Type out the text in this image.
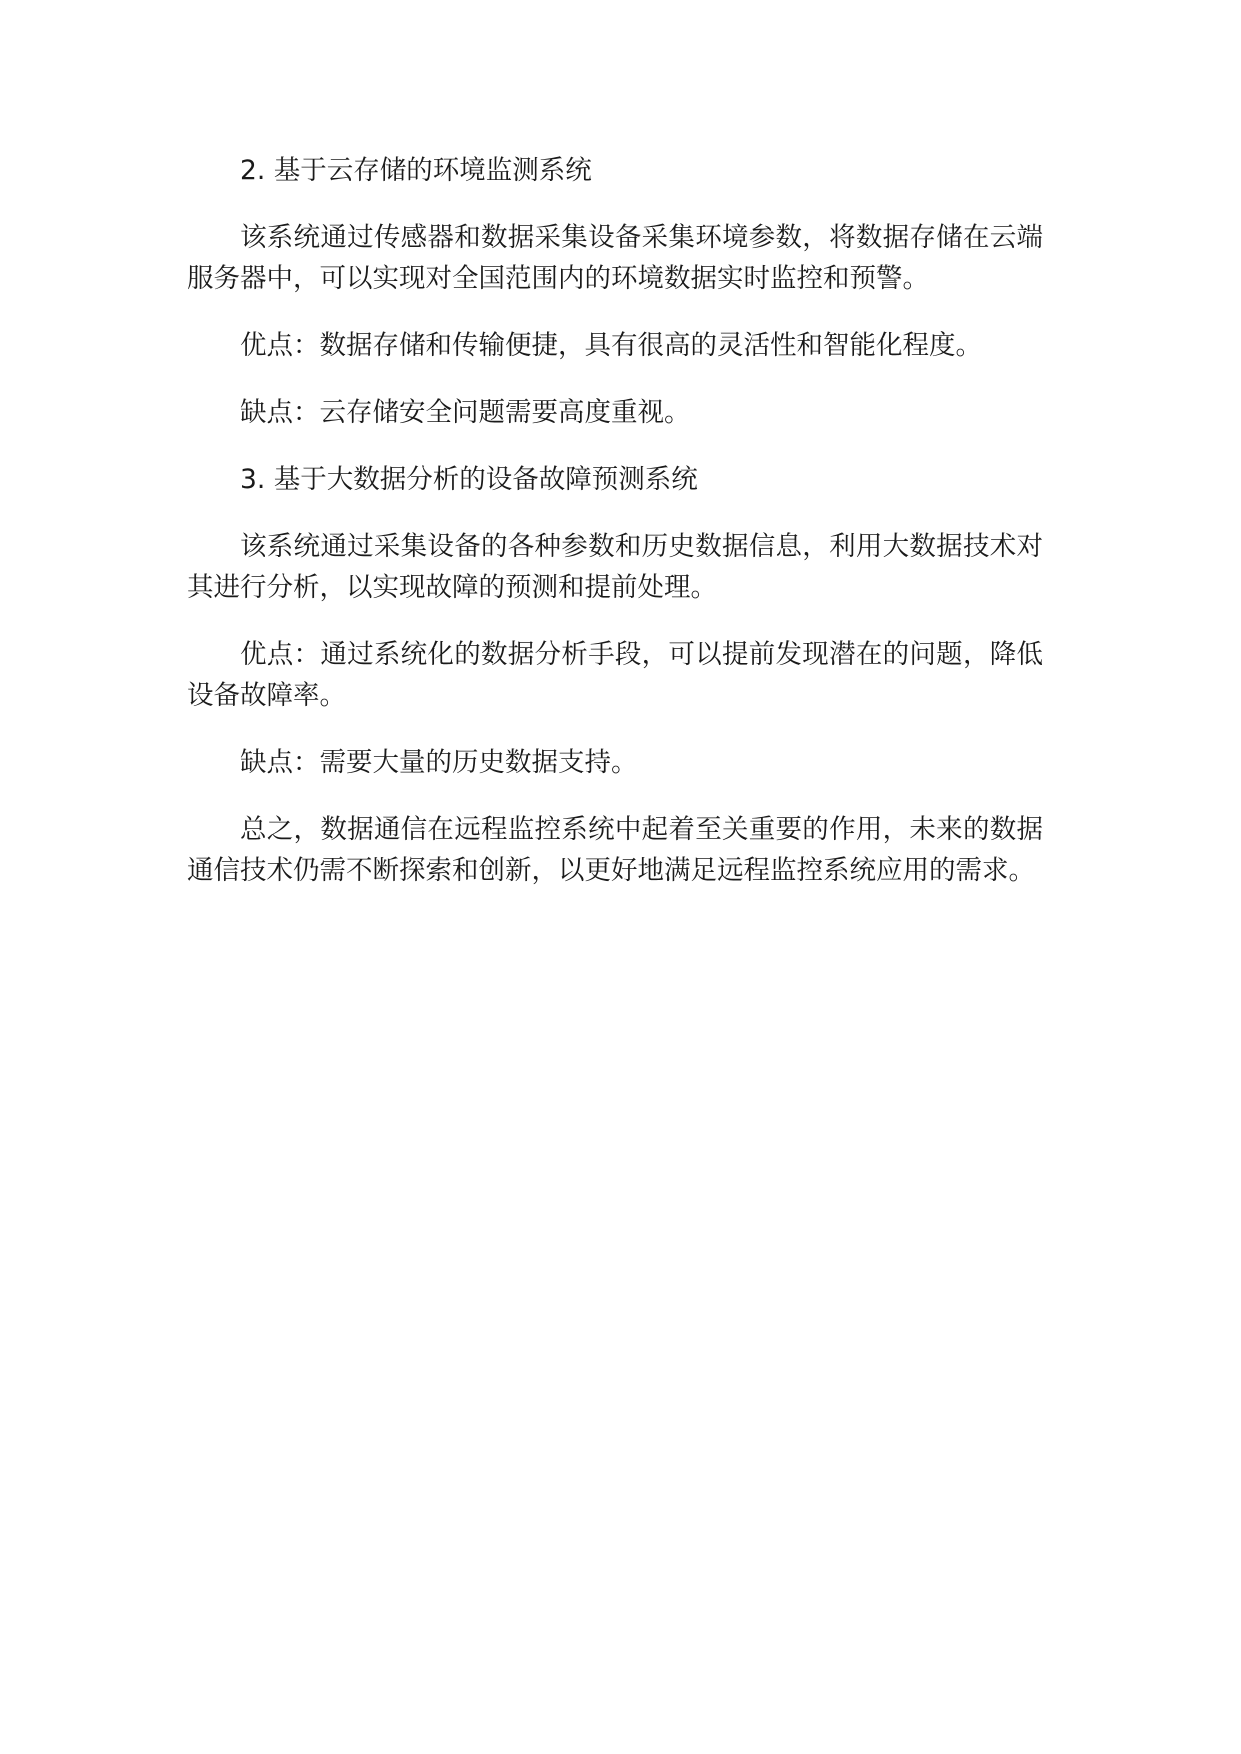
2. 基于云存储的环境监测系统

该系统通过传感器和数据采集设备采集环境参数，将数据存储在云端服务器中，可以实现对全国范围内的环境数据实时监控和预警。

优点：数据存储和传输便捷，具有很高的灵活性和智能化程度。

缺点：云存储安全问题需要高度重视。

3. 基于大数据分析的设备故障预测系统

该系统通过采集设备的各种参数和历史数据信息，利用大数据技术对其进行分析，以实现故障的预测和提前处理。

优点：通过系统化的数据分析手段，可以提前发现潜在的问题，降低设备故障率。

缺点：需要大量的历史数据支持。

总之，数据通信在远程监控系统中起着至关重要的作用，未来的数据通信技术仍需不断探索和创新，以更好地满足远程监控系统应用的需求。
